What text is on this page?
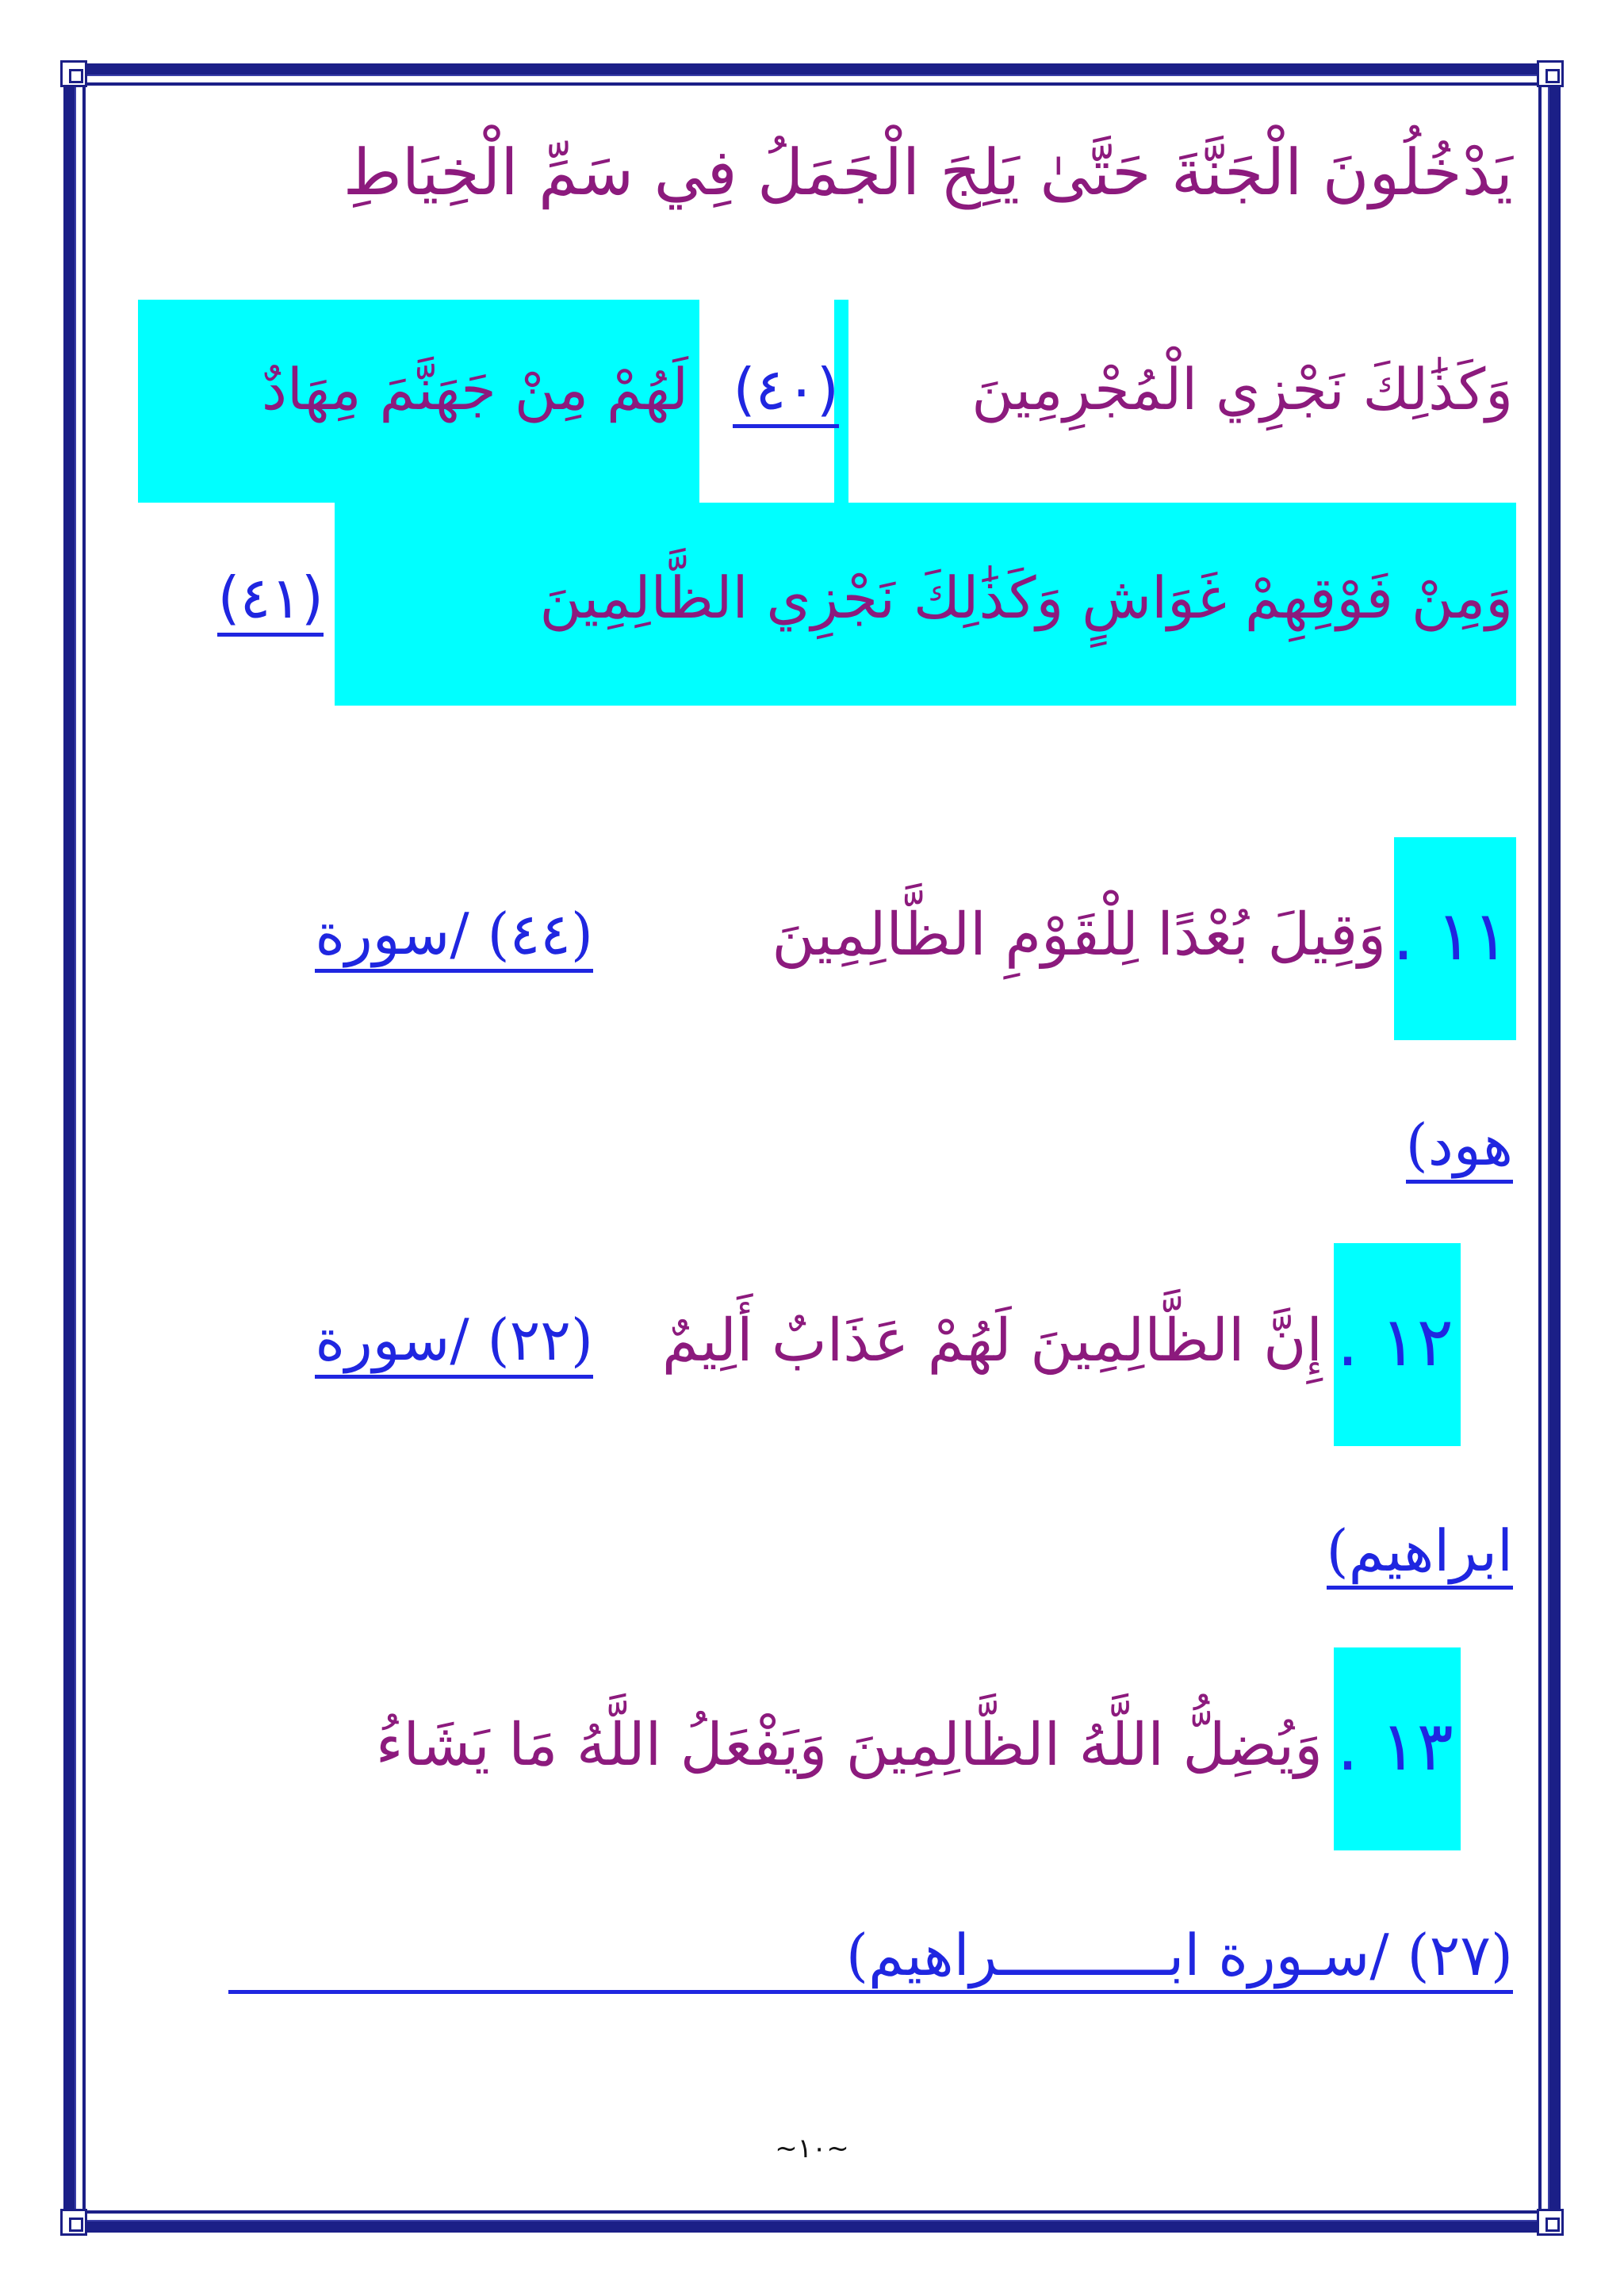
يَدْخُلُونَ الْجَنَّةَ حَتَّىٰ يَلِجَ الْجَمَلُ فِي سَمِّ الْخِيَاطِ
وَكَذَٰلِكَ نَجْزِي الْمُجْرِمِينَ
(٤٠)
لَهُمْ مِنْ جَهَنَّمَ مِهَادٌ
وَمِنْ فَوْقِهِمْ غَوَاشٍ وَكَذَٰلِكَ نَجْزِي الظَّالِمِينَ
(٤١)
١١ .
وَقِيلَ بُعْدًا لِلْقَوْمِ الظَّالِمِينَ
(٤٤) /سورة
هود)
١٢ .
إِنَّ الظَّالِمِينَ لَهُمْ عَذَابٌ أَلِيمٌ
(٢٢) /سورة
ابراهيم)
١٣ .
وَيُضِلُّ اللَّهُ الظَّالِمِينَ وَيَفْعَلُ اللَّهُ مَا يَشَاءُ
(٢٧) /سـورة ابــــــــــراهيم)
~١٠~
